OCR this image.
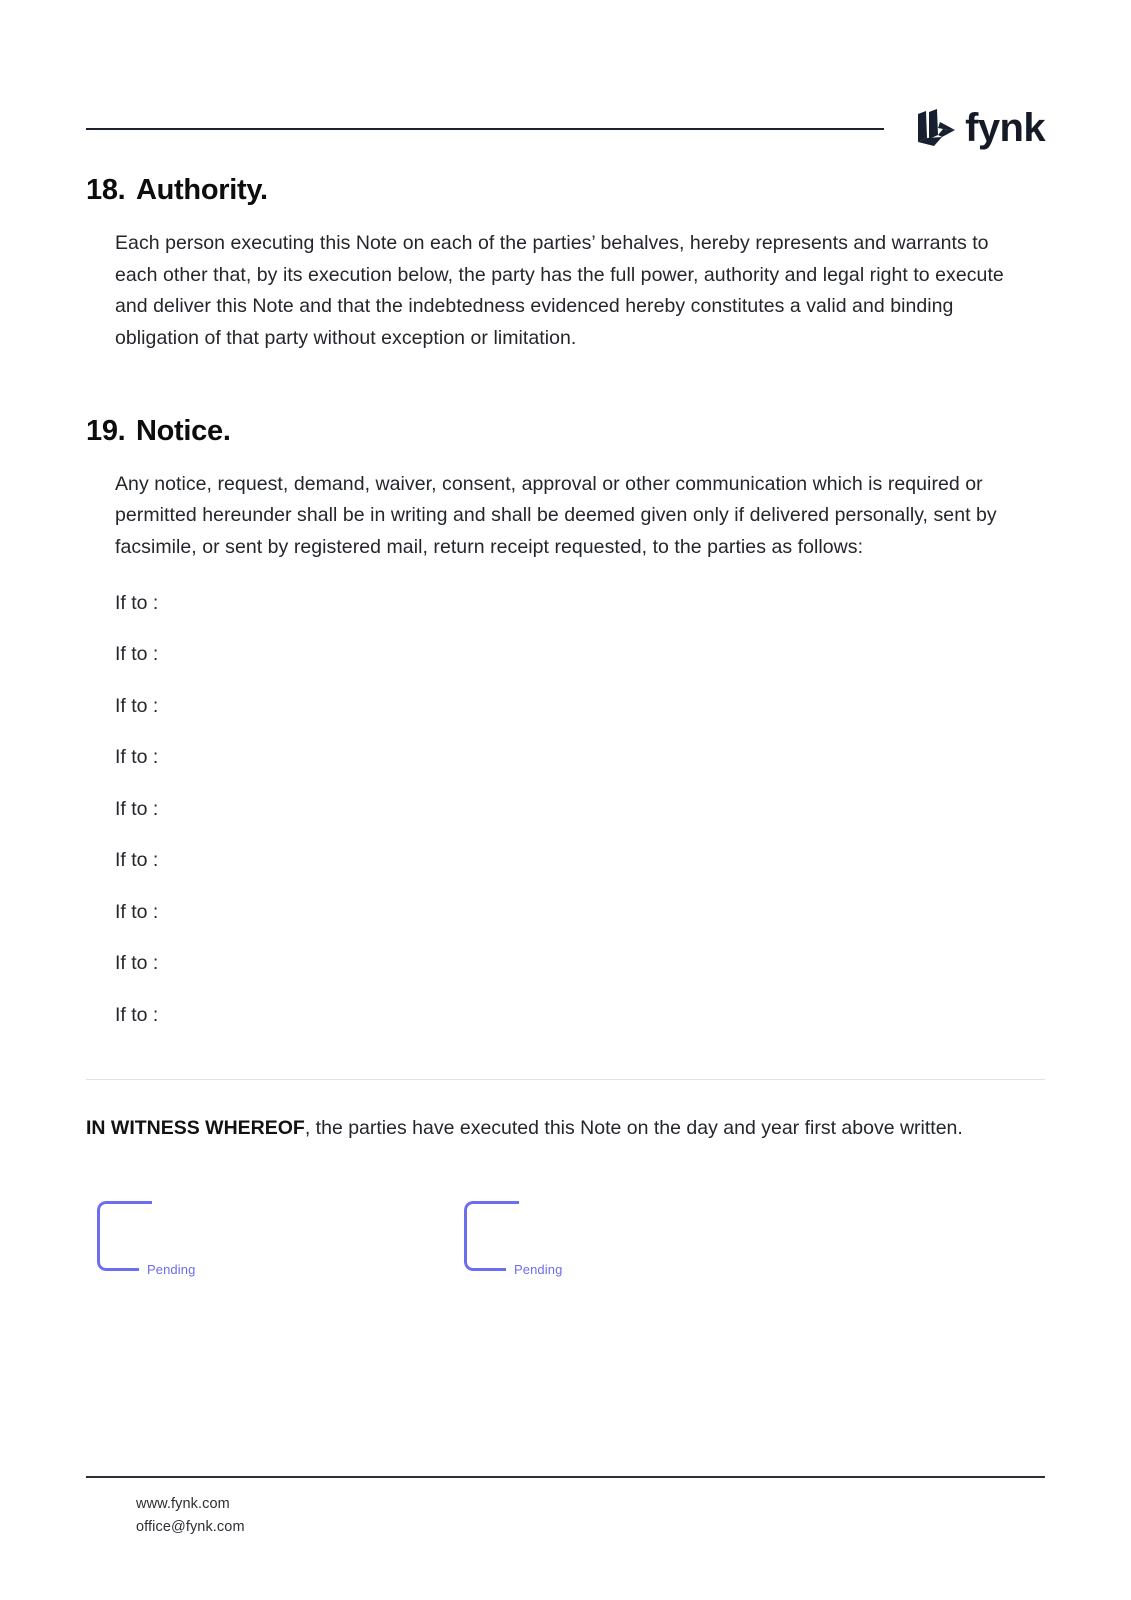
fynk
18. Authority.

Each person executing this Note on each of the parties’ behalves, hereby represents and warrants to each other that, by its execution below, the party has the full power, authority and legal right to execute and deliver this Note and that the indebtedness evidenced hereby constitutes a valid and binding obligation of that party without exception or limitation.

19. Notice.

Any notice, request, demand, waiver, consent, approval or other communication which is required or permitted hereunder shall be in writing and shall be deemed given only if delivered personally, sent by facsimile, or sent by registered mail, return receipt requested, to the parties as follows:

If to :
If to :
If to :
If to :
If to :
If to :
If to :
If to :
If to :

IN WITNESS WHEREOF, the parties have executed this Note on the day and year first above written.

Pending	Pending
www.fynk.com
office@fynk.com
